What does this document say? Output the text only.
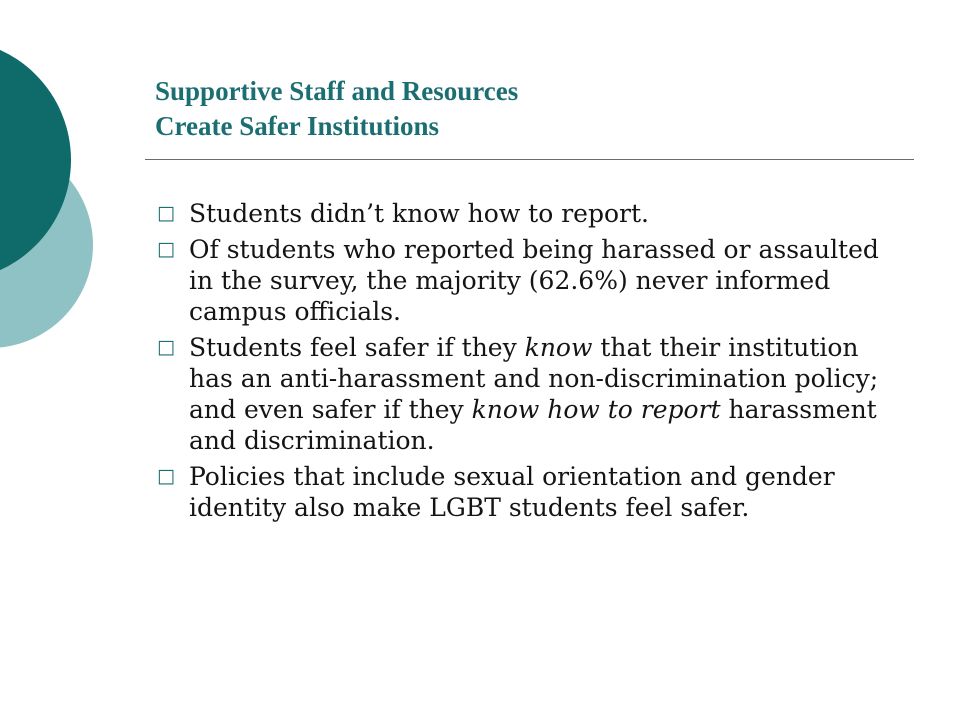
Supportive Staff and Resources
Create Safer Institutions
□ Students didn’t know how to report.
□ Of students who reported being harassed or assaulted in the survey, the majority (62.6%) never informed campus officials.
□ Students feel safer if they know that their institution has an anti-harassment and non-discrimination policy; and even safer if they know how to report harassment and discrimination.
□ Policies that include sexual orientation and gender identity also make LGBT students feel safer.
